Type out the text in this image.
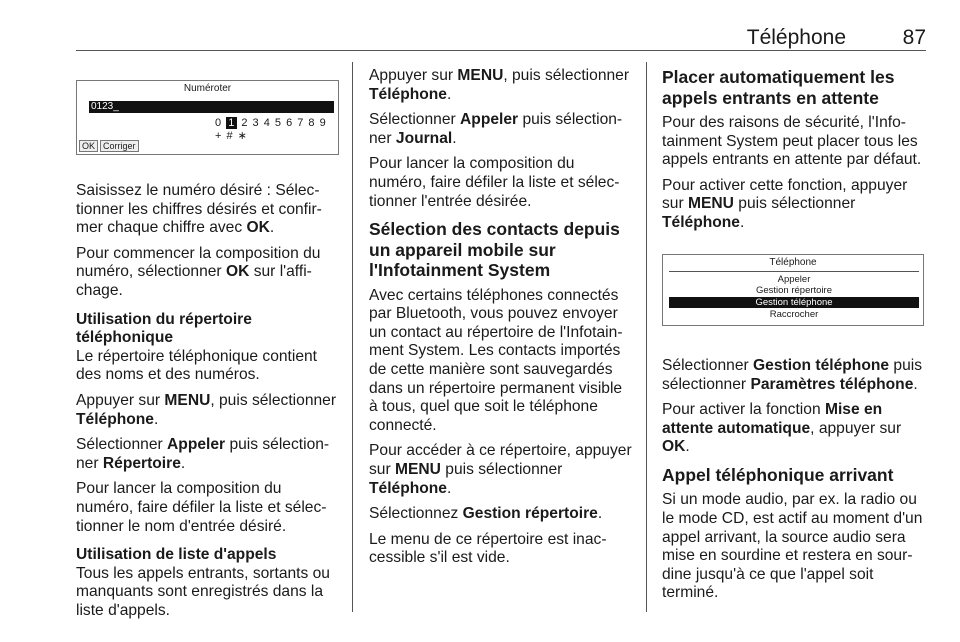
Téléphone	87
Numéroter
0123_
0 1 2 3 4 5 6 7 8 9 + # ∗
OK Corriger

Saisissez le numéro désiré : Sélectionner les chiffres désirés et confirmer chaque chiffre avec OK.

Pour commencer la composition du numéro, sélectionner OK sur l'affichage.

Utilisation du répertoire téléphonique

Le répertoire téléphonique contient des noms et des numéros.

Appuyer sur MENU, puis sélectionner Téléphone.

Sélectionner Appeler puis sélectionner Répertoire.

Pour lancer la composition du numéro, faire défiler la liste et sélectionner le nom d'entrée désiré.

Utilisation de liste d'appels

Tous les appels entrants, sortants ou manquants sont enregistrés dans la liste d'appels.

Appuyer sur MENU, puis sélectionner Téléphone.

Sélectionner Appeler puis sélectionner Journal.

Pour lancer la composition du numéro, faire défiler la liste et sélectionner l'entrée désirée.

Sélection des contacts depuis un appareil mobile sur l'Infotainment System

Avec certains téléphones connectés par Bluetooth, vous pouvez envoyer un contact au répertoire de l'Infotainment System. Les contacts importés de cette manière sont sauvegardés dans un répertoire permanent visible à tous, quel que soit le téléphone connecté.

Pour accéder à ce répertoire, appuyer sur MENU puis sélectionner Téléphone.

Sélectionnez Gestion répertoire.

Le menu de ce répertoire est inaccessible s'il est vide.

Placer automatiquement les appels entrants en attente

Pour des raisons de sécurité, l'Infotainment System peut placer tous les appels entrants en attente par défaut.

Pour activer cette fonction, appuyer sur MENU puis sélectionner Téléphone.

Téléphone
Appeler
Gestion répertoire
Gestion téléphone
Raccrocher

Sélectionner Gestion téléphone puis sélectionner Paramètres téléphone.

Pour activer la fonction Mise en attente automatique, appuyer sur OK.

Appel téléphonique arrivant

Si un mode audio, par ex. la radio ou le mode CD, est actif au moment d'un appel arrivant, la source audio sera mise en sourdine et restera en sourdine jusqu'à ce que l'appel soit terminé.
